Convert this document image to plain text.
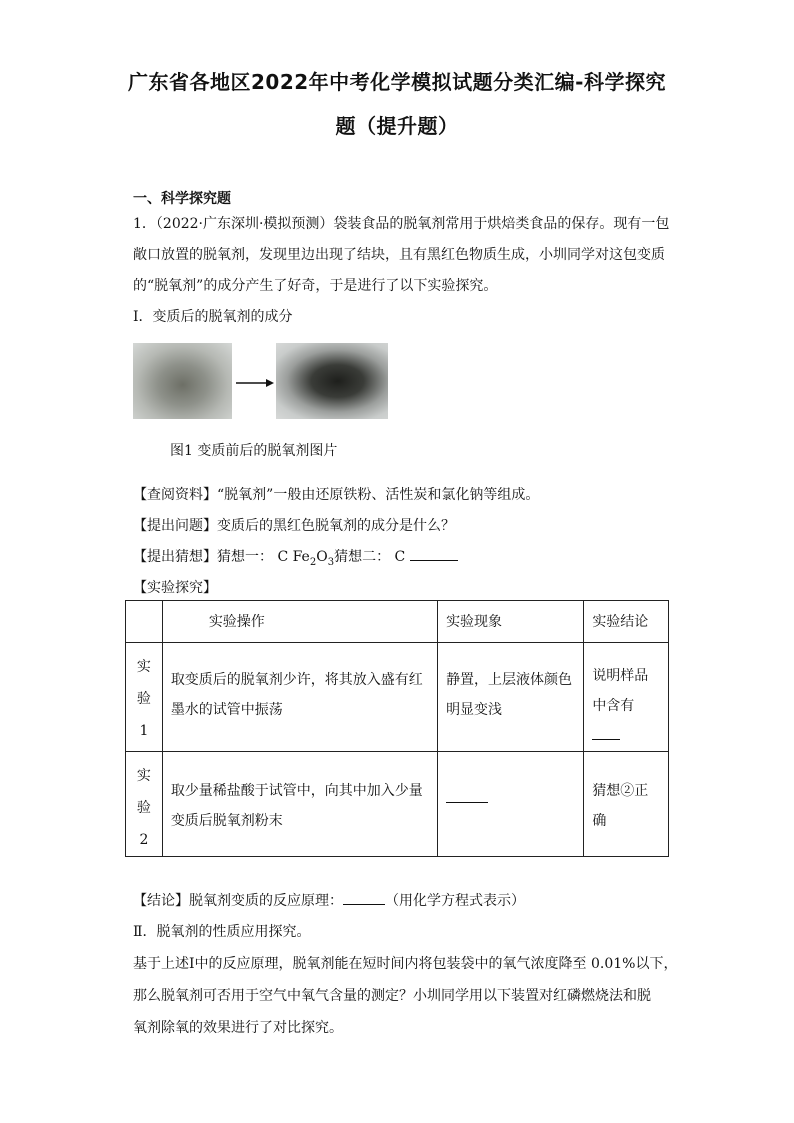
广东省各地区2022年中考化学模拟试题分类汇编-科学探究
题（提升题）
一、科学探究题
1．（2022·广东深圳·模拟预测）袋装食品的脱氧剂常用于烘焙类食品的保存。现有一包
敞口放置的脱氧剂，发现里边出现了结块，且有黑红色物质生成，小圳同学对这包变质
的“脱氧剂”的成分产生了好奇，于是进行了以下实验探究。
Ⅰ．变质后的脱氧剂的成分
图1 变质前后的脱氧剂图片
【查阅资料】“脱氧剂”一般由还原铁粉、活性炭和氯化钠等组成。
【提出问题】变质后的黑红色脱氧剂的成分是什么？
【提出猜想】猜想一： C $Fe_2O_3$猜想二： C
【实验探究】

	实验操作	实验现象	实验结论

实
验
1	取变质后的脱氧剂少许，将其放入盛有红墨水的试管中振荡	静置，上层液体颜色明显变浅	说明样品中含有

实
验
2	取少量稀盐酸于试管中，向其中加入少量变质后脱氧剂粉末		猜想②正确
【结论】脱氧剂变质的反应原理：	（用化学方程式表示）
Ⅱ．脱氧剂的性质应用探究。
基于上述Ⅰ中的反应原理，脱氧剂能在短时间内将包装袋中的氧气浓度降至 0.01%以下，
那么脱氧剂可否用于空气中氧气含量的测定？小圳同学用以下装置对红磷燃烧法和脱
氧剂除氧的效果进行了对比探究。
